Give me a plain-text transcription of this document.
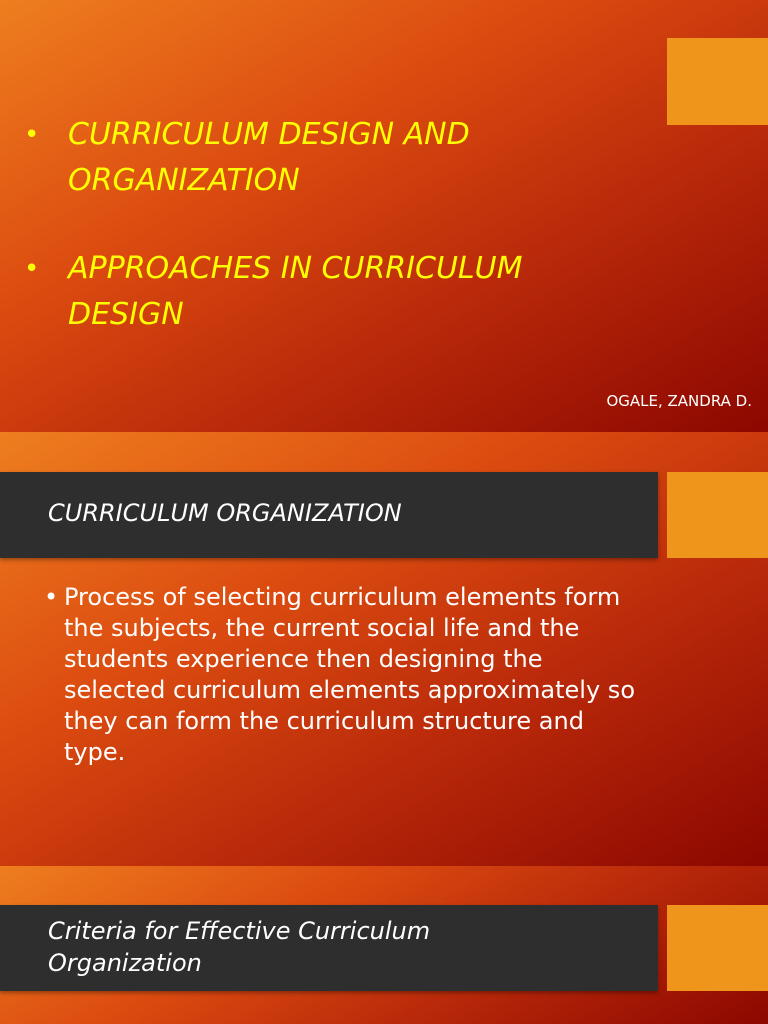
• CURRICULUM DESIGN AND ORGANIZATION
• APPROACHES IN CURRICULUM DESIGN
OGALE, ZANDRA D.
CURRICULUM ORGANIZATION
• Process of selecting curriculum elements form the subjects, the current social life and the students experience then designing the selected curriculum elements approximately so they can form the curriculum structure and type.
Criteria for Effective Curriculum Organization
